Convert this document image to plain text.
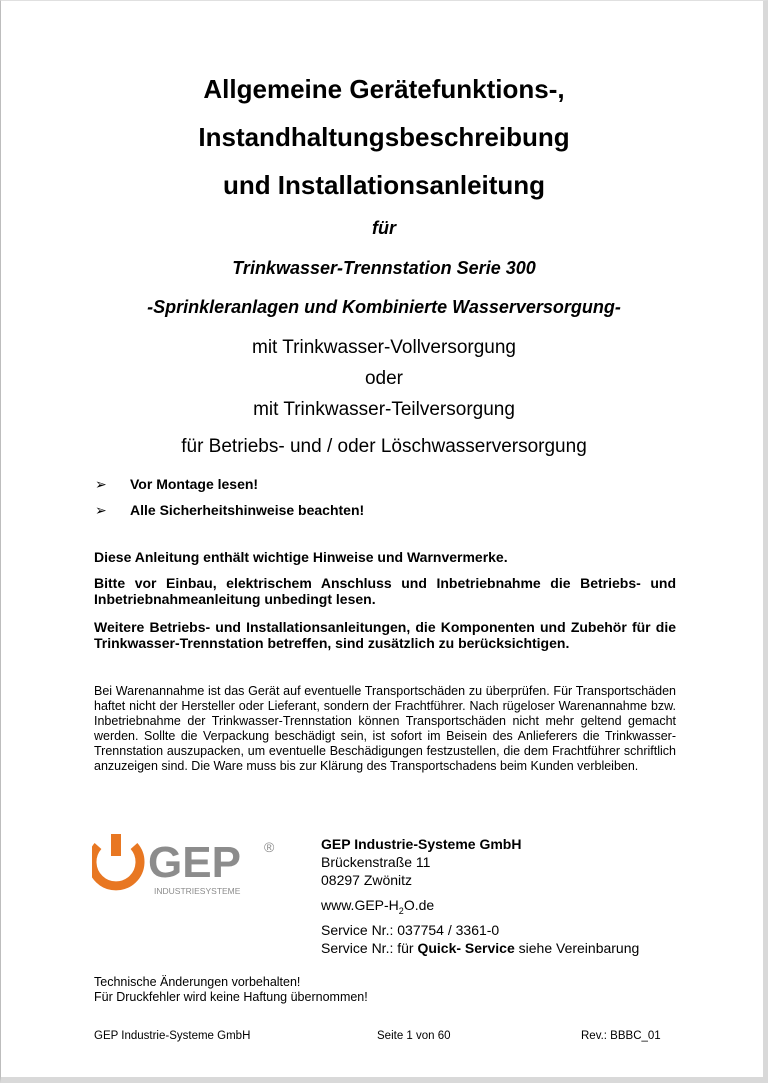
Allgemeine Gerätefunktions-,
Instandhaltungsbeschreibung
und Installationsanleitung
für
Trinkwasser-Trennstation Serie 300
-Sprinkleranlagen und Kombinierte Wasserversorgung-
mit Trinkwasser-Vollversorgung
oder
mit Trinkwasser-Teilversorgung
für Betriebs- und / oder Löschwasserversorgung
➢ Vor Montage lesen!
➢ Alle Sicherheitshinweise beachten!
Diese Anleitung enthält wichtige Hinweise und Warnvermerke.
Bitte vor Einbau, elektrischem Anschluss und Inbetriebnahme die Betriebs- und Inbetriebnahmeanleitung unbedingt lesen.
Weitere Betriebs- und Installationsanleitungen, die Komponenten und Zubehör für die Trinkwasser-Trennstation betreffen, sind zusätzlich zu berücksichtigen.
Bei Warenannahme ist das Gerät auf eventuelle Transportschäden zu überprüfen. Für Transportschäden haftet nicht der Hersteller oder Lieferant, sondern der Frachtführer. Nach rügeloser Warenannahme bzw. Inbetriebnahme der Trinkwasser-Trennstation können Transportschäden nicht mehr geltend gemacht werden. Sollte die Verpackung beschädigt sein, ist sofort im Beisein des Anlieferers die Trinkwasser-Trennstation auszupacken, um eventuelle Beschädigungen festzustellen, die dem Frachtführer schriftlich anzuzeigen sind. Die Ware muss bis zur Klärung des Transportschadens beim Kunden verbleiben.
GEP ®
INDUSTRIESYSTEME
GEP Industrie-Systeme GmbH
Brückenstraße 11
08297 Zwönitz
$www.GEP-H_2O.de$
Service Nr.: 037754 / 3361-0
Service Nr.: für Quick- Service siehe Vereinbarung
Technische Änderungen vorbehalten!
Für Druckfehler wird keine Haftung übernommen!
GEP Industrie-Systeme GmbH	Seite 1 von 60	Rev.: BBBC_01
